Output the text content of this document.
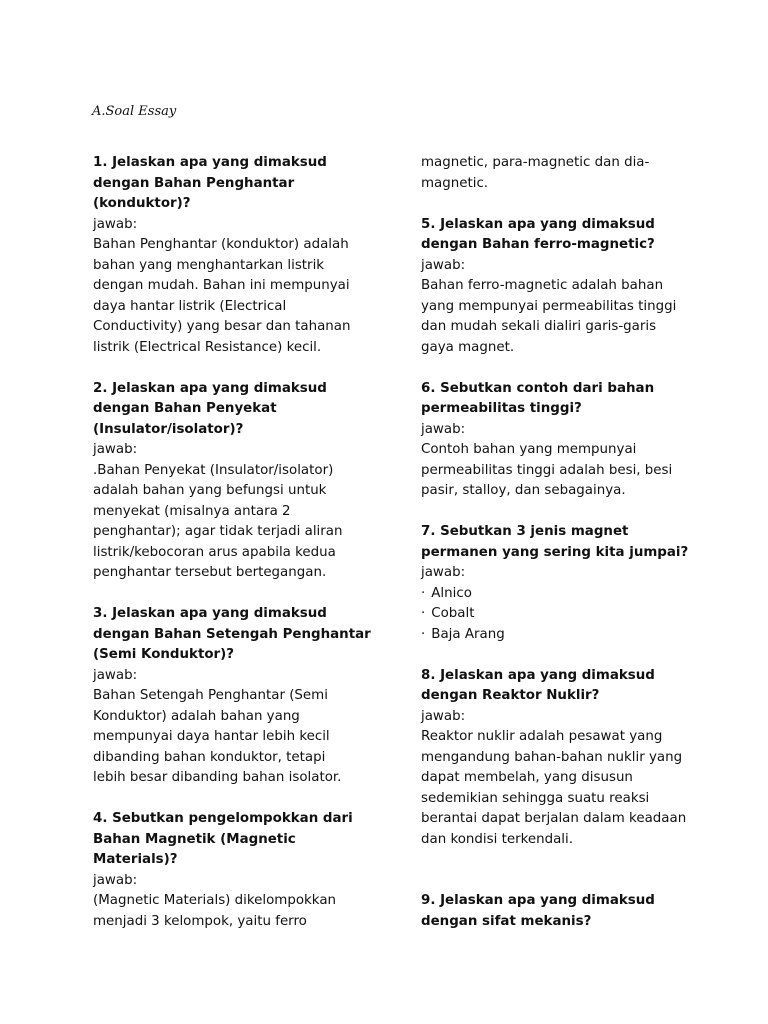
A.Soal Essay

1. Jelaskan apa yang dimaksud
dengan Bahan Penghantar
(konduktor)?
jawab:
Bahan Penghantar (konduktor) adalah
bahan yang menghantarkan listrik
dengan mudah. Bahan ini mempunyai
daya hantar listrik (Electrical
Conductivity) yang besar dan tahanan
listrik (Electrical Resistance) kecil.
2. Jelaskan apa yang dimaksud
dengan Bahan Penyekat
(Insulator/isolator)?
jawab:
.Bahan Penyekat (Insulator/isolator)
adalah bahan yang befungsi untuk
menyekat (misalnya antara 2
penghantar); agar tidak terjadi aliran
listrik/kebocoran arus apabila kedua
penghantar tersebut bertegangan.
3. Jelaskan apa yang dimaksud
dengan Bahan Setengah Penghantar
(Semi Konduktor)?
jawab:
Bahan Setengah Penghantar (Semi
Konduktor) adalah bahan yang
mempunyai daya hantar lebih kecil
dibanding bahan konduktor, tetapi
lebih besar dibanding bahan isolator.
4. Sebutkan pengelompokkan dari
Bahan Magnetik (Magnetic
Materials)?
jawab:
(Magnetic Materials) dikelompokkan
menjadi 3 kelompok, yaitu ferro
magnetic, para-magnetic dan dia-
magnetic.
5. Jelaskan apa yang dimaksud
dengan Bahan ferro-magnetic?
jawab:
Bahan ferro-magnetic adalah bahan
yang mempunyai permeabilitas tinggi
dan mudah sekali dialiri garis-garis
gaya magnet.
6. Sebutkan contoh dari bahan
permeabilitas tinggi?
jawab:
Contoh bahan yang mempunyai
permeabilitas tinggi adalah besi, besi
pasir, stalloy, dan sebagainya.
7. Sebutkan 3 jenis magnet
permanen yang sering kita jumpai?
jawab:
· Alnico
· Cobalt
· Baja Arang
8. Jelaskan apa yang dimaksud
dengan Reaktor Nuklir?
jawab:
Reaktor nuklir adalah pesawat yang
mengandung bahan-bahan nuklir yang
dapat membelah, yang disusun
sedemikian sehingga suatu reaksi
berantai dapat berjalan dalam keadaan
dan kondisi terkendali.
9. Jelaskan apa yang dimaksud
dengan sifat mekanis?
